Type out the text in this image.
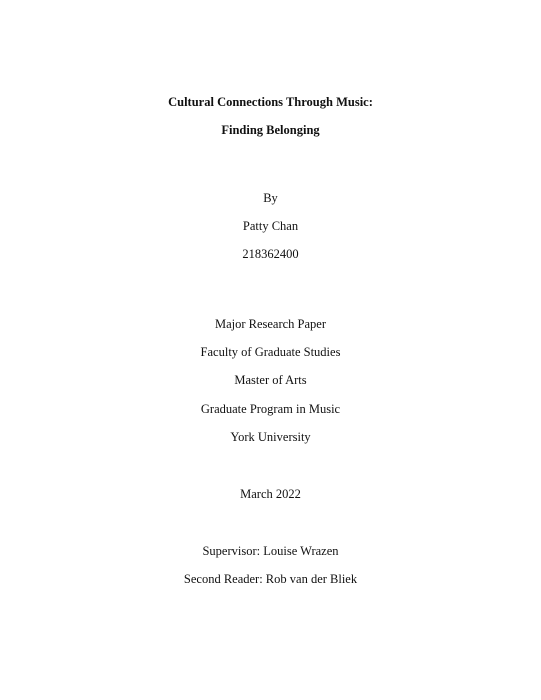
Cultural Connections Through Music:
Finding Belonging
By
Patty Chan
218362400
Major Research Paper
Faculty of Graduate Studies
Master of Arts
Graduate Program in Music
York University
March 2022
Supervisor: Louise Wrazen
Second Reader: Rob van der Bliek
